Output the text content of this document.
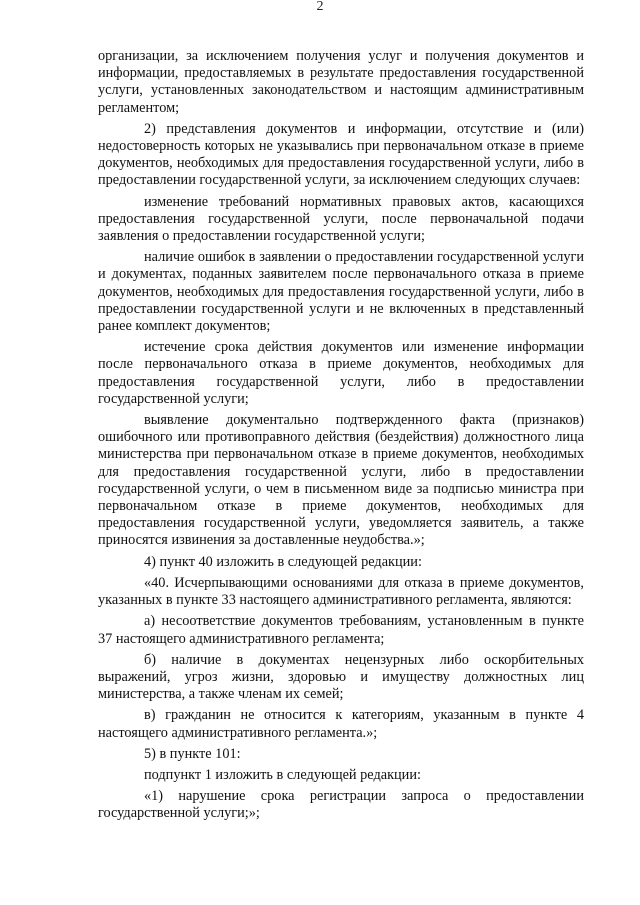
2

организации, за исключением получения услуг и получения документов и информации, предоставляемых в результате предоставления государственной услуги, установленных законодательством и настоящим административным регламентом;

2) представления документов и информации, отсутствие и (или) недостоверность которых не указывались при первоначальном отказе в приеме документов, необходимых для предоставления государственной услуги, либо в предоставлении государственной услуги, за исключением следующих случаев:

изменение требований нормативных правовых актов, касающихся предоставления государственной услуги, после первоначальной подачи заявления о предоставлении государственной услуги;

наличие ошибок в заявлении о предоставлении государственной услуги и документах, поданных заявителем после первоначального отказа в приеме документов, необходимых для предоставления государственной услуги, либо в предоставлении государственной услуги и не включенных в представленный ранее комплект документов;

истечение срока действия документов или изменение информации после первоначального отказа в приеме документов, необходимых для предоставления государственной услуги, либо в предоставлении государственной услуги;

выявление документально подтвержденного факта (признаков) ошибочного или противоправного действия (бездействия) должностного лица министерства при первоначальном отказе в приеме документов, необходимых для предоставления государственной услуги, либо в предоставлении государственной услуги, о чем в письменном виде за подписью министра при первоначальном отказе в приеме документов, необходимых для предоставления государственной услуги, уведомляется заявитель, а также приносятся извинения за доставленные неудобства.»;

4) пункт 40 изложить в следующей редакции:

«40. Исчерпывающими основаниями для отказа в приеме документов, указанных в пункте 33 настоящего административного регламента, являются:

а) несоответствие документов требованиям, установленным в пункте 37 настоящего административного регламента;

б) наличие в документах нецензурных либо оскорбительных выражений, угроз жизни, здоровью и имуществу должностных лиц министерства, а также членам их семей;

в) гражданин не относится к категориям, указанным в пункте 4 настоящего административного регламента.»;

5) в пункте 101:

подпункт 1 изложить в следующей редакции:

«1) нарушение срока регистрации запроса о предоставлении государственной услуги;»;
